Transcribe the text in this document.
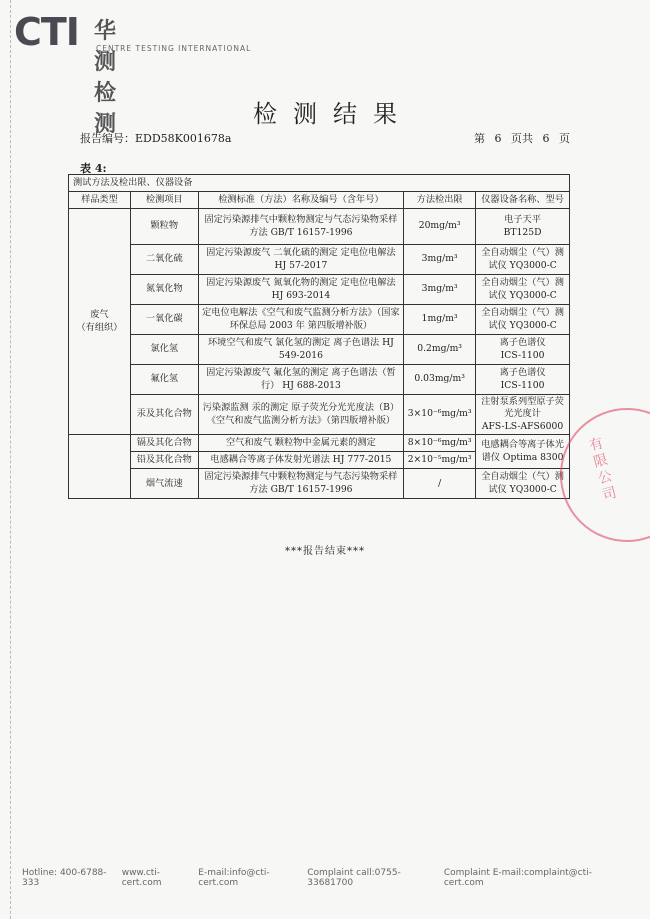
CTI 华测检测
CENTRE TESTING INTERNATIONAL
检测结果
报告编号：EDD58K001678a	第 6 页共 6 页
表 4:
测试方法及检出限、仪器设备				
样品类型	检测项目	检测标准（方法）名称及编号（含年号）	方法检出限	仪器设备名称、型号
废气
（有组织）	颗粒物	固定污染源排气中颗粒物测定与气态污染物采样方法 GB/T 16157-1996	20mg/m³	电子天平
BT125D
	二氧化硫	固定污染源废气 二氧化硫的测定 定电位电解法 HJ 57-2017	3mg/m³	全自动烟尘（气）测试仪 YQ3000-C
	氮氧化物	固定污染源废气 氮氧化物的测定 定电位电解法 HJ 693-2014	3mg/m³	全自动烟尘（气）测试仪 YQ3000-C
	一氧化碳	定电位电解法《空气和废气监测分析方法》（国家环保总局 2003 年 第四版增补版）	1mg/m³	全自动烟尘（气）测试仪 YQ3000-C
	氯化氢	环境空气和废气 氯化氢的测定 离子色谱法 HJ 549-2016	0.2mg/m³	离子色谱仪
ICS-1100
	氟化氢	固定污染源废气 氟化氢的测定 离子色谱法（暂行） HJ 688-2013	0.03mg/m³	离子色谱仪
ICS-1100
	汞及其化合物	污染源监测 汞的测定 原子荧光分光光度法（B）《空气和废气监测分析方法》（第四版增补版）	3×10⁻⁶mg/m³	注射泵系列型原子荧光光度计
AFS-LS-AFS6000
	镉及其化合物	空气和废气 颗粒物中金属元素的测定	8×10⁻⁶mg/m³	电感耦合等离子体光谱仪 Optima 8300
	铅及其化合物	电感耦合等离子体发射光谱法 HJ 777-2015	2×10⁻⁵mg/m³	
	烟气流速	固定污染源排气中颗粒物测定与气态污染物采样方法 GB/T 16157-1996	/	全自动烟尘（气）测试仪 YQ3000-C
***报告结束***
有限公司
Hotline: 400-6788-333
www.cti-cert.com
E-mail:info@cti-cert.com
Complaint call:0755-33681700
Complaint E-mail:complaint@cti-cert.com
